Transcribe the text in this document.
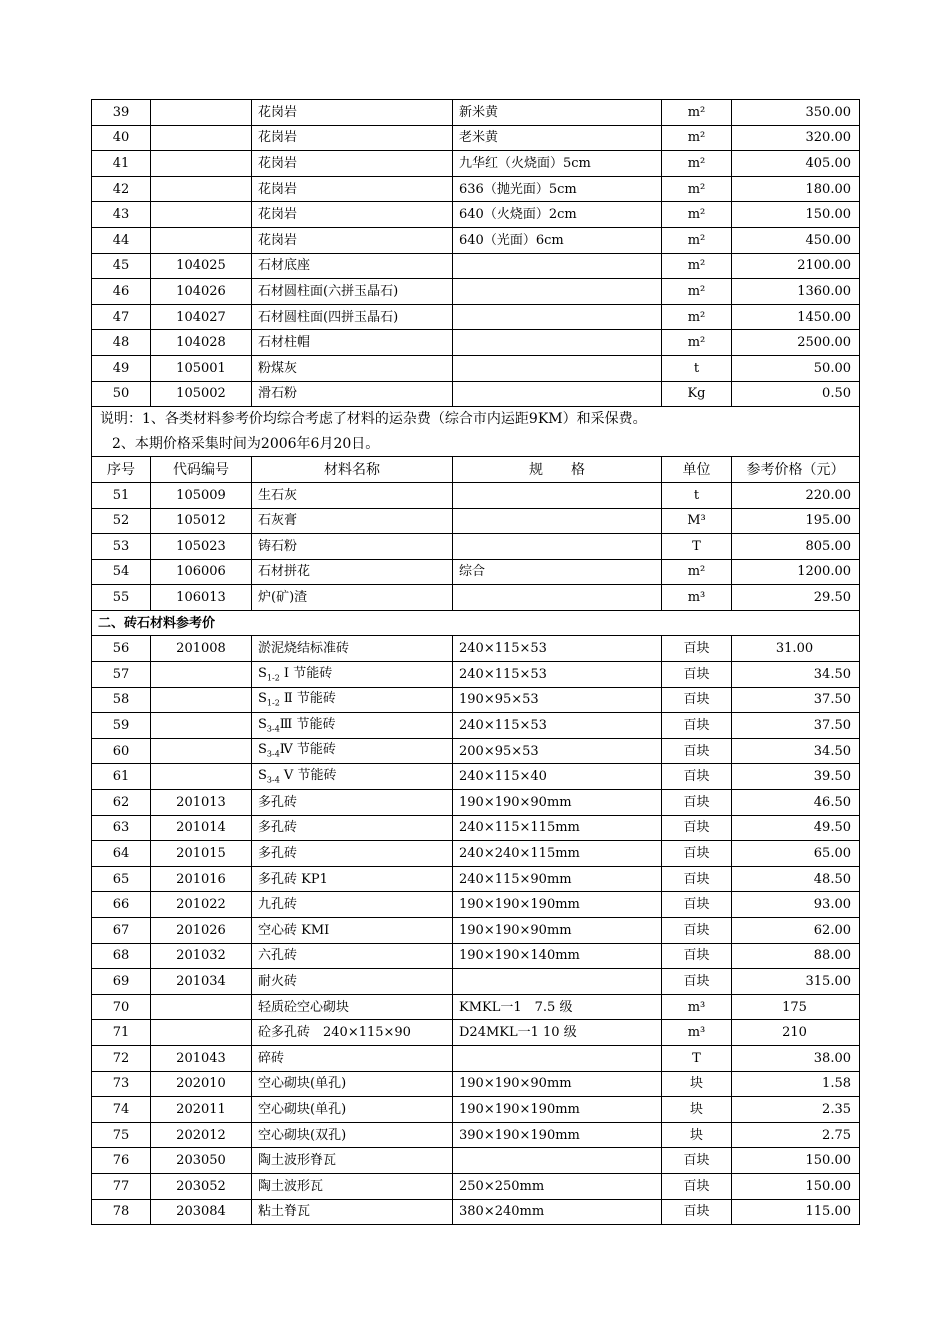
39		花岗岩	新米黄	m²	350.00
40		花岗岩	老米黄	m²	320.00
41		花岗岩	九华红（火烧面）5cm	m²	405.00
42		花岗岩	636（抛光面）5cm	m²	180.00
43		花岗岩	640（火烧面）2cm	m²	150.00
44		花岗岩	640（光面）6cm	m²	450.00
45	104025	石材底座		m²	2100.00
46	104026	石材圆柱面(六拼玉晶石)		m²	1360.00
47	104027	石材圆柱面(四拼玉晶石)		m²	1450.00
48	104028	石材柱帽		m²	2500.00
49	105001	粉煤灰		t	50.00
50	105002	滑石粉		Kg	0.50
说明：1、各类材料参考价均综合考虑了材料的运杂费（综合市内运距9KM）和采保费。					
2、本期价格采集时间为2006年6月20日。					
序号	代码编号	材料名称	规　　格	单位	参考价格（元）
51	105009	生石灰		t	220.00
52	105012	石灰膏		M³	195.00
53	105023	铸石粉		T	805.00
54	106006	石材拼花	综合	m²	1200.00
55	106013	炉(矿)渣		m³	29.50
二、砖石材料参考价					
56	201008	淤泥烧结标准砖	240×115×53	百块	31.00
57		$S_{1-2}$ Ⅰ 节能砖	240×115×53	百块	34.50
58		$S_{1-2}$ Ⅱ 节能砖	190×95×53	百块	37.50
59		$S_{3-4}Ⅲ$ 节能砖	240×115×53	百块	37.50
60		$S_{3-4}Ⅳ$ 节能砖	200×95×53	百块	34.50
61		$S_{3-4}$ Ⅴ 节能砖	240×115×40	百块	39.50
62	201013	多孔砖	190×190×90mm	百块	46.50
63	201014	多孔砖	240×115×115mm	百块	49.50
64	201015	多孔砖	240×240×115mm	百块	65.00
65	201016	多孔砖 KP1	240×115×90mm	百块	48.50
66	201022	九孔砖	190×190×190mm	百块	93.00
67	201026	空心砖 KMI	190×190×90mm	百块	62.00
68	201032	六孔砖	190×190×140mm	百块	88.00
69	201034	耐火砖		百块	315.00
70		轻质砼空心砌块	KMKL一1　7.5 级	m³	175
71		砼多孔砖　240×115×90	D24MKL一1 10 级	m³	210
72	201043	碎砖		T	38.00
73	202010	空心砌块(单孔)	190×190×90mm	块	1.58
74	202011	空心砌块(单孔)	190×190×190mm	块	2.35
75	202012	空心砌块(双孔)	390×190×190mm	块	2.75
76	203050	陶土波形脊瓦		百块	150.00
77	203052	陶土波形瓦	250×250mm	百块	150.00
78	203084	粘土脊瓦	380×240mm	百块	115.00
